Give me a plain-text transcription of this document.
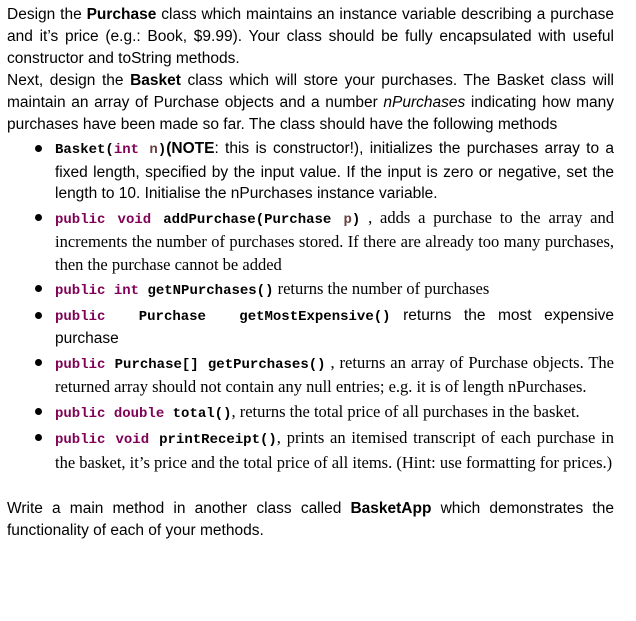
Design the Purchase class which maintains an instance variable describing a purchase and it’s price (e.g.: Book, $9.99). Your class should be fully encapsulated with useful constructor and toString methods.

Next, design the Basket class which will store your purchases. The Basket class will maintain an array of Purchase objects and a number nPurchases indicating how many purchases have been made so far. The class should have the following methods

Basket(int n)(NOTE: this is constructor!), initializes the purchases array to a fixed length, specified by the input value. If the input is zero or negative, set the length to 10. Initialise the nPurchases instance variable.
public void addPurchase(Purchase p) , adds a purchase to the array and increments the number of purchases stored. If there are already too many purchases, then the purchase cannot be added
public int getNPurchases() returns the number of purchases
public Purchase getMostExpensive() returns the most expensive purchase
public Purchase[] getPurchases() , returns an array of Purchase objects. The returned array should not contain any null entries; e.g. it is of length nPurchases.
public double total(), returns the total price of all purchases in the basket.
public void printReceipt(), prints an itemised transcript of each purchase in the basket, it’s price and the total price of all items. (Hint: use formatting for prices.)

Write a main method in another class called BasketApp which demonstrates the functionality of each of your methods.
